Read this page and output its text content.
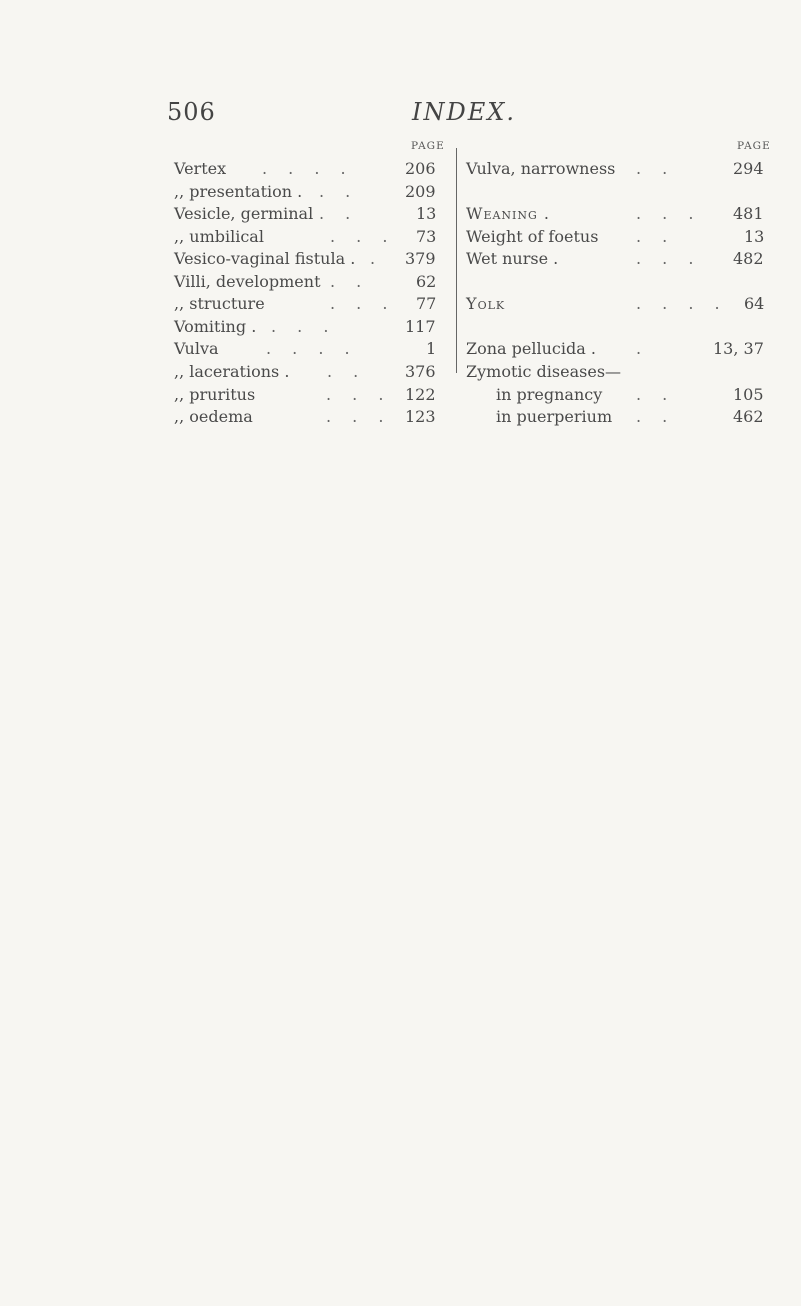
506	INDEX.
PAGE
Vertex . . . .	206
,, presentation . . .	209
Vesicle, germinal . .	13
,, umbilical	. . . 73
Vesico-vaginal fistula . . 379
Villi, development . .	62
,, structure	. . . 77
Vomiting . . . .	117
Vulva	. . . .	1
,, lacerations . . . 376
,, pruritus	. . . 122
,, oedema	. . . 123
PAGE
Vulva, narrowness . .	294
Weaning .	. . . 481
Weight of foetus . .	13
Wet nurse .	. . . 482
Yolk	. . . . 64
Zona pellucida .	.	13, 37
Zymotic diseases—
in pregnancy . .	105
in puerperium . .	462
